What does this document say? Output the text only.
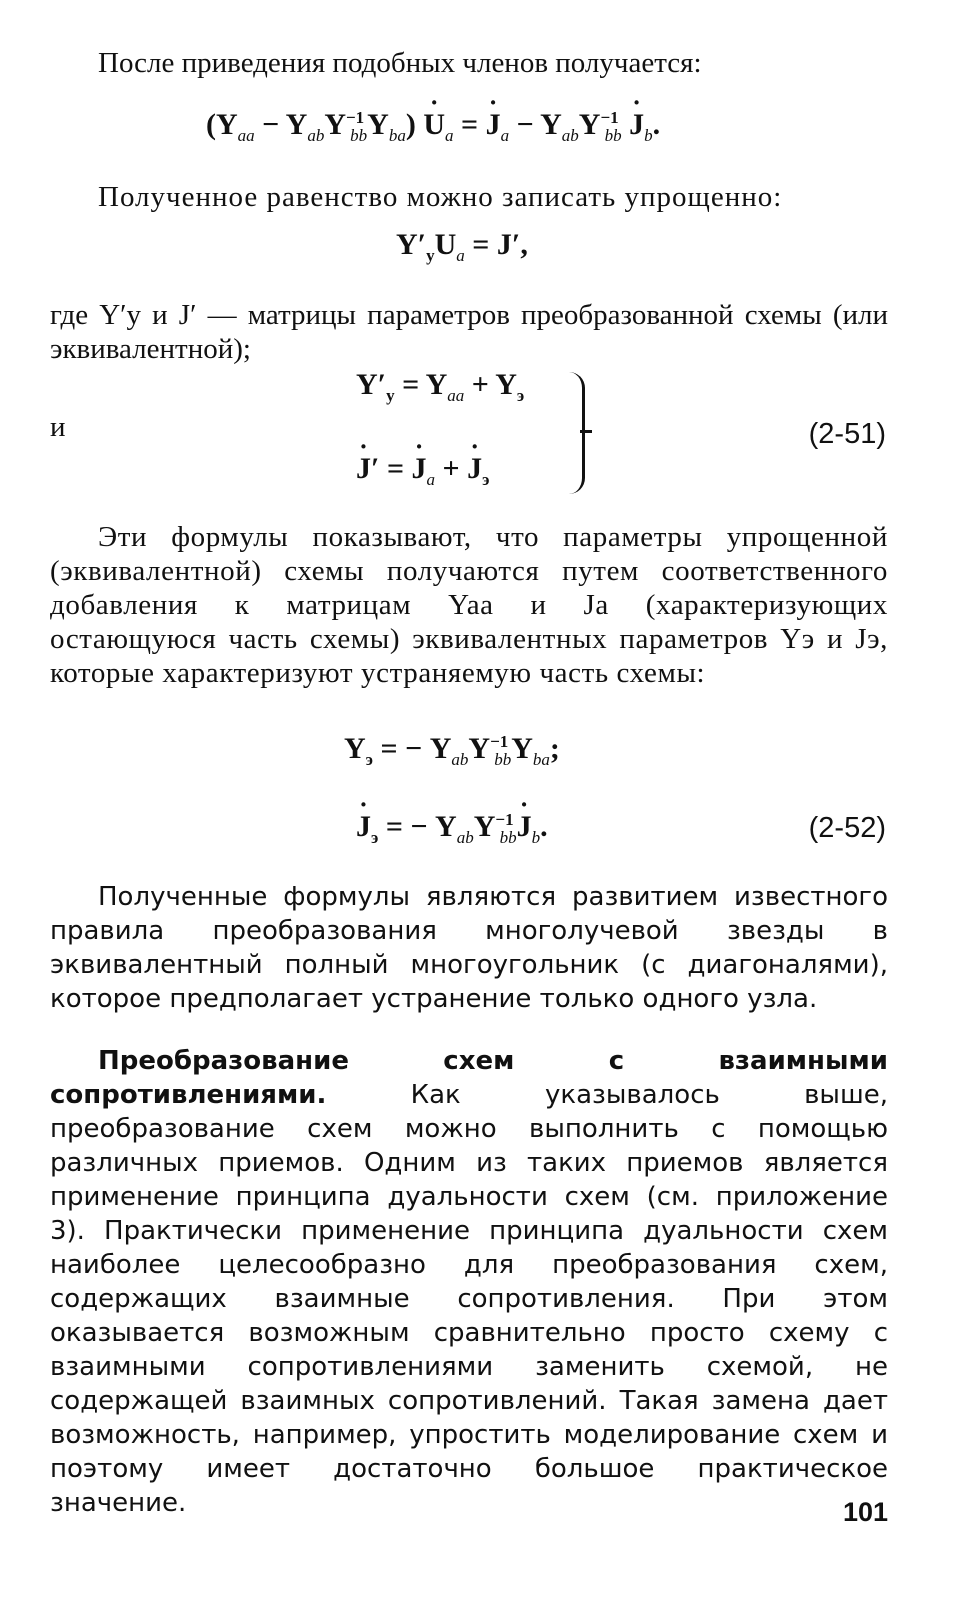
После приведения подобных членов получается:
$(Y_{aa} - Y_{ab}Y^{-1}_{bb}Y_{ba}) \cdot U_a$ = · $J_a - Y_{ab}Y^{-1}_{bb} \cdot J_b$.
Полученное равенство можно записать упрощенно:
$Y'_yU_a = J'$,
где Y′y и J′ — матрицы параметров преобразованной схемы (или эквивалентной);
и
$Y'_y = Y_{aa} + Y_э$
· J′ = · $J_a$ + · $J_э$
(2-51)
Эти формулы показывают, что параметры упрощенной (эквивалентной) схемы получаются путем соответственного добавления к матрицам Yaa и Ja (характеризующих остающуюся часть схемы) эквивалентных параметров Yэ и Jэ, которые характеризуют устраняемую часть схемы:
$Y_э$ = − $Y_{ab}Y^{-1}_{bb}Y_{ba}$;
· $J_э$ = − $Y_{ab}Y^{-1}_{bb}\cdot J_b$.	(2-52)
Полученные формулы являются развитием известного правила преобразования многолучевой звезды в эквивалентный полный многоугольник (с диагоналями), которое предполагает устранение только одного узла.
Преобразование схем с взаимными сопротивлениями.	Как указывалось выше, преобразование схем можно выполнить с помощью различных приемов. Одним из таких приемов является применение принципа дуальности схем (см. приложение 3). Практически применение принципа дуальности схем наиболее целесообразно для преобразования схем, содержащих взаимные сопротивления. При этом оказывается возможным сравнительно просто схему с взаимными сопротивлениями заменить схемой, не содержащей взаимных сопротивлений. Такая замена дает возможность, например, упростить моделирование схем и поэтому имеет достаточно большое практическое значение.	101
